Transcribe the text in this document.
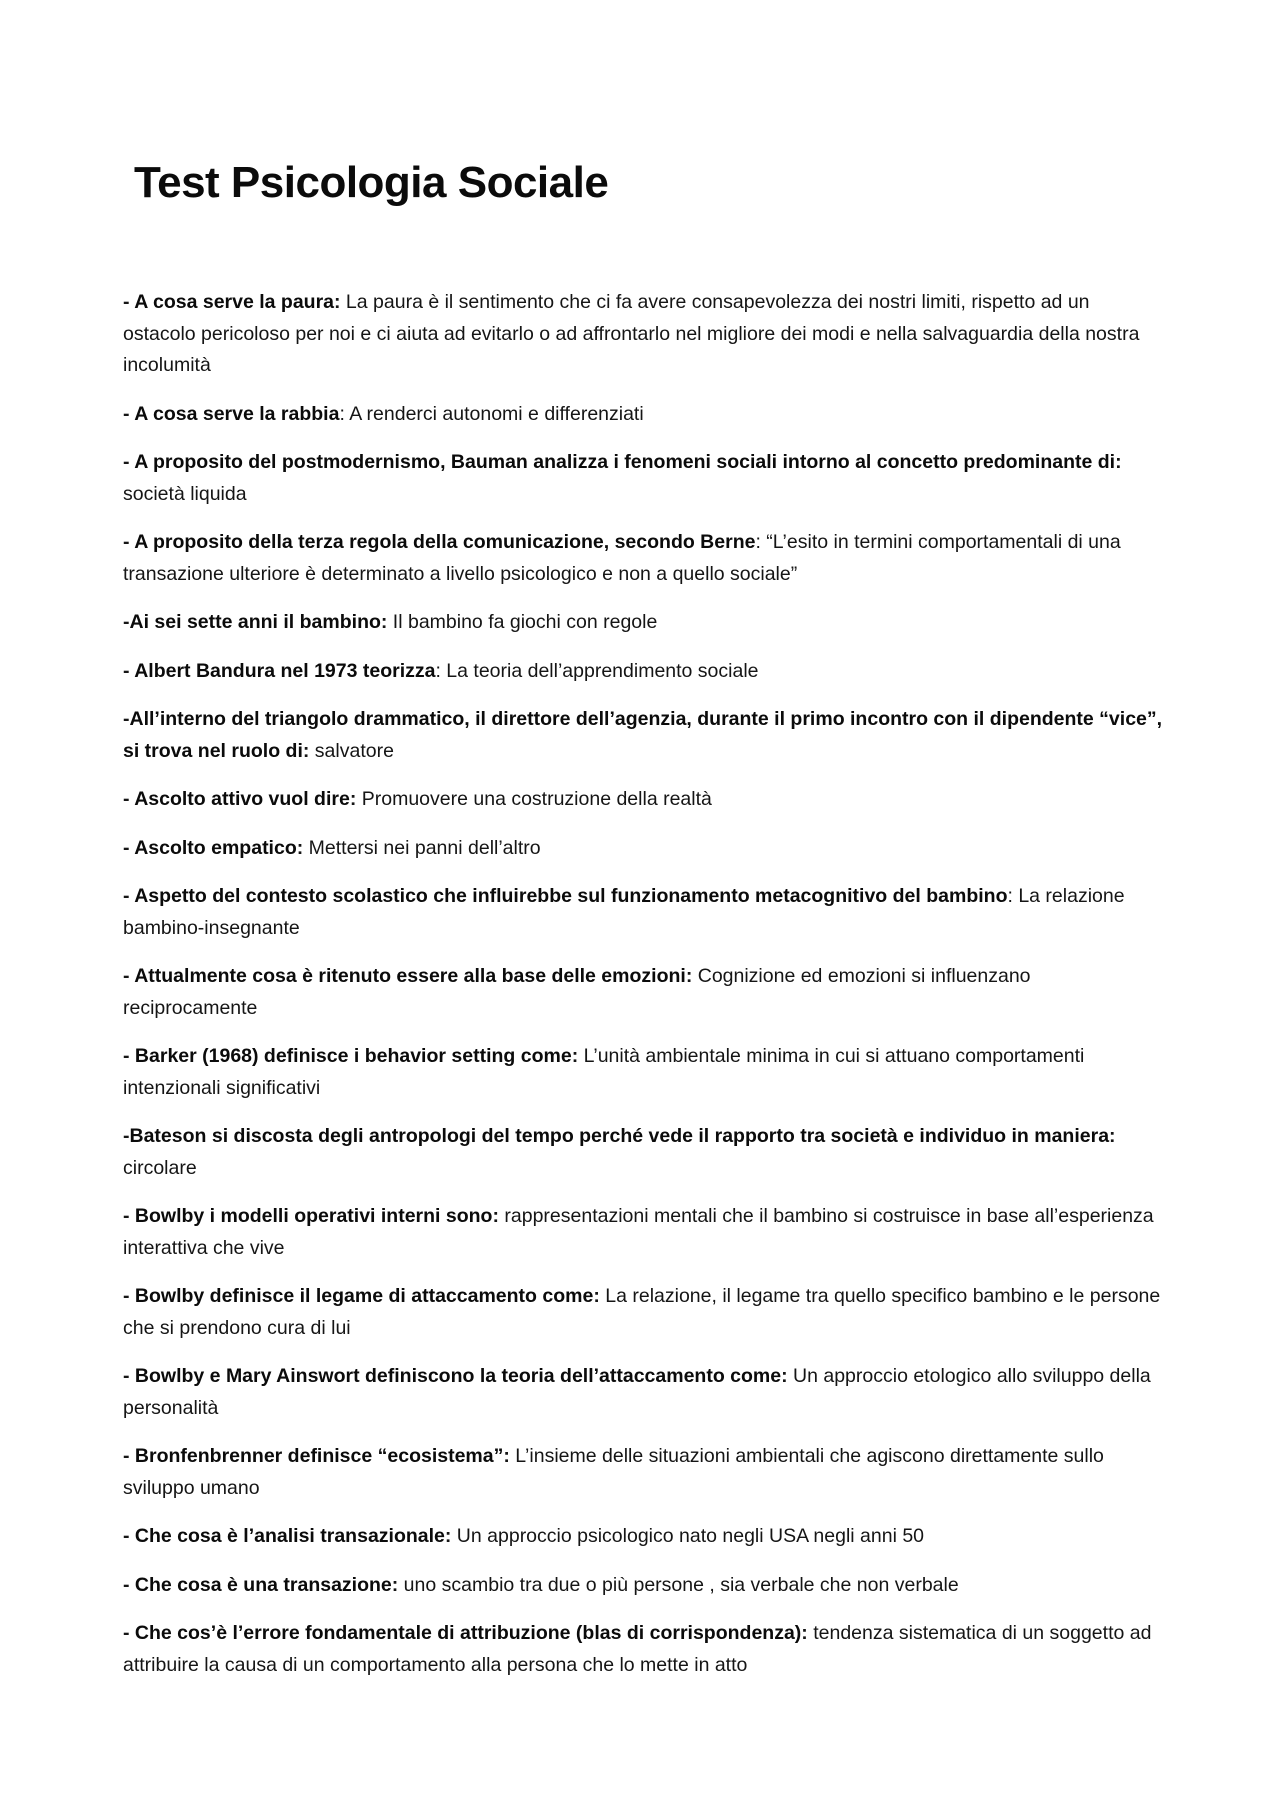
Test Psicologia Sociale
- A cosa serve la paura: La paura è il sentimento che ci fa avere consapevolezza dei nostri limiti, rispetto ad un ostacolo pericoloso per noi e ci aiuta ad evitarlo o ad affrontarlo nel migliore dei modi e nella salvaguardia della nostra incolumità
- A cosa serve la rabbia: A renderci autonomi e differenziati
- A proposito del postmodernismo, Bauman analizza i fenomeni sociali intorno al concetto predominante di: società liquida
- A proposito della terza regola della comunicazione, secondo Berne: “L’esito in termini comportamentali di una transazione ulteriore è determinato a livello psicologico e non a quello sociale”
-Ai sei sette anni il bambino: Il bambino fa giochi con regole
- Albert Bandura nel 1973 teorizza: La teoria dell’apprendimento sociale
-All’interno del triangolo drammatico, il direttore dell’agenzia, durante il primo incontro con il dipendente “vice”, si trova nel ruolo di: salvatore
- Ascolto attivo vuol dire: Promuovere una costruzione della realtà
- Ascolto empatico: Mettersi nei panni dell’altro
- Aspetto del contesto scolastico che influirebbe sul funzionamento metacognitivo del bambino: La relazione bambino-insegnante
- Attualmente cosa è ritenuto essere alla base delle emozioni: Cognizione ed emozioni si influenzano reciprocamente
- Barker (1968) definisce i behavior setting come: L’unità ambientale minima in cui si attuano comportamenti intenzionali significativi
-Bateson si discosta degli antropologi del tempo perché vede il rapporto tra società e individuo in maniera: circolare
- Bowlby i modelli operativi interni sono: rappresentazioni mentali che il bambino si costruisce in base all’esperienza interattiva che vive
- Bowlby definisce il legame di attaccamento come: La relazione, il legame tra quello specifico bambino e le persone che si prendono cura di lui
- Bowlby e Mary Ainswort definiscono la teoria dell’attaccamento come: Un approccio etologico allo sviluppo della personalità
- Bronfenbrenner definisce “ecosistema”: L’insieme delle situazioni ambientali che agiscono direttamente sullo sviluppo umano
- Che cosa è l’analisi transazionale: Un approccio psicologico nato negli USA negli anni 50
- Che cosa è una transazione: uno scambio tra due o più persone , sia verbale che non verbale
- Che cos’è l’errore fondamentale di attribuzione (blas di corrispondenza): tendenza sistematica di un soggetto ad attribuire la causa di un comportamento alla persona che lo mette in atto
